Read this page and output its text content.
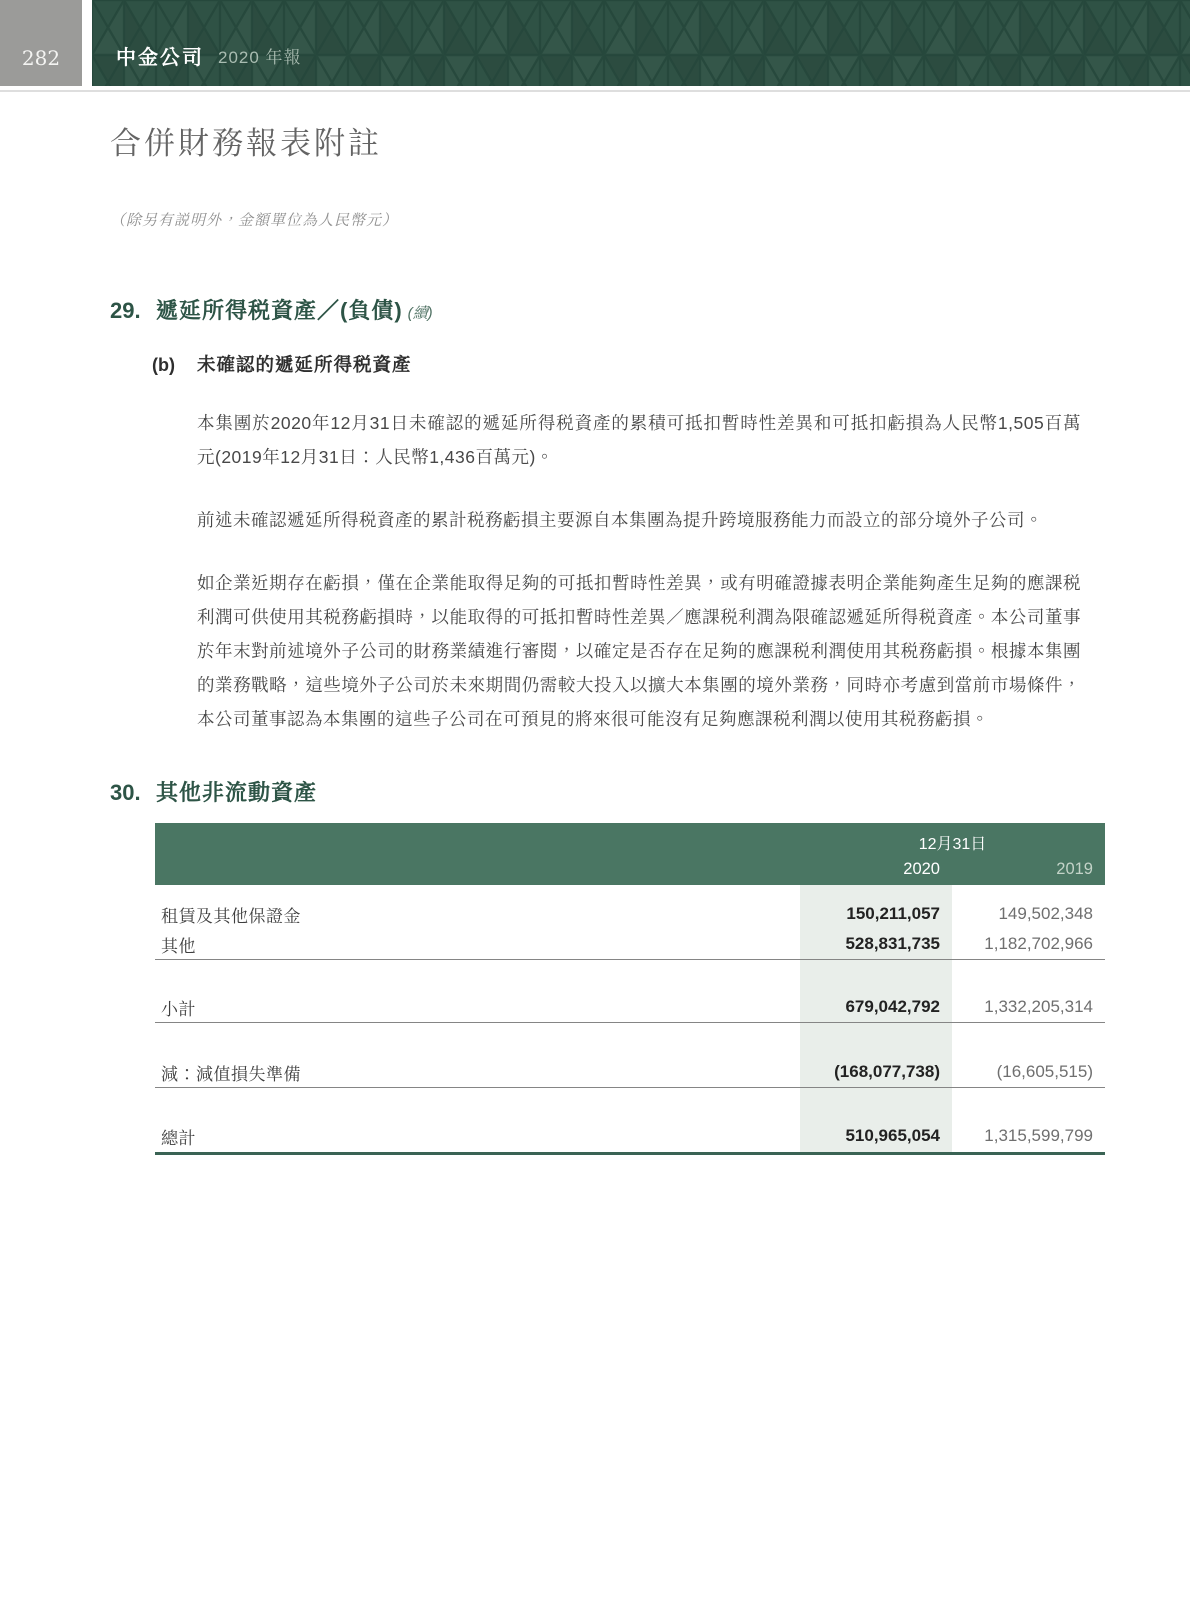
282	中金公司 2020 年報
合併財務報表附註

（除另有説明外，金額單位為人民幣元）

29. 遞延所得税資產／(負債) (續)
(b)	未確認的遞延所得税資產

本集團於2020年12月31日未確認的遞延所得税資產的累積可抵扣暫時性差異和可抵扣虧損為人民幣1,505百萬元(2019年12月31日：人民幣1,436百萬元)。

前述未確認遞延所得税資產的累計税務虧損主要源自本集團為提升跨境服務能力而設立的部分境外子公司。

如企業近期存在虧損，僅在企業能取得足夠的可抵扣暫時性差異，或有明確證據表明企業能夠產生足夠的應課税利潤可供使用其税務虧損時，以能取得的可抵扣暫時性差異／應課税利潤為限確認遞延所得税資產。本公司董事於年末對前述境外子公司的財務業績進行審閱，以確定是否存在足夠的應課税利潤使用其税務虧損。根據本集團的業務戰略，這些境外子公司於未來期間仍需較大投入以擴大本集團的境外業務，同時亦考慮到當前市場條件，本公司董事認為本集團的這些子公司在可預見的將來很可能沒有足夠應課税利潤以使用其税務虧損。

30. 其他非流動資產
12月31日
2020	2019
租賃及其他保證金	150,211,057	149,502,348
其他	528,831,735	1,182,702,966
小計	679,042,792	1,332,205,314
減：減值損失準備	(168,077,738)	(16,605,515)
總計	510,965,054	1,315,599,799
